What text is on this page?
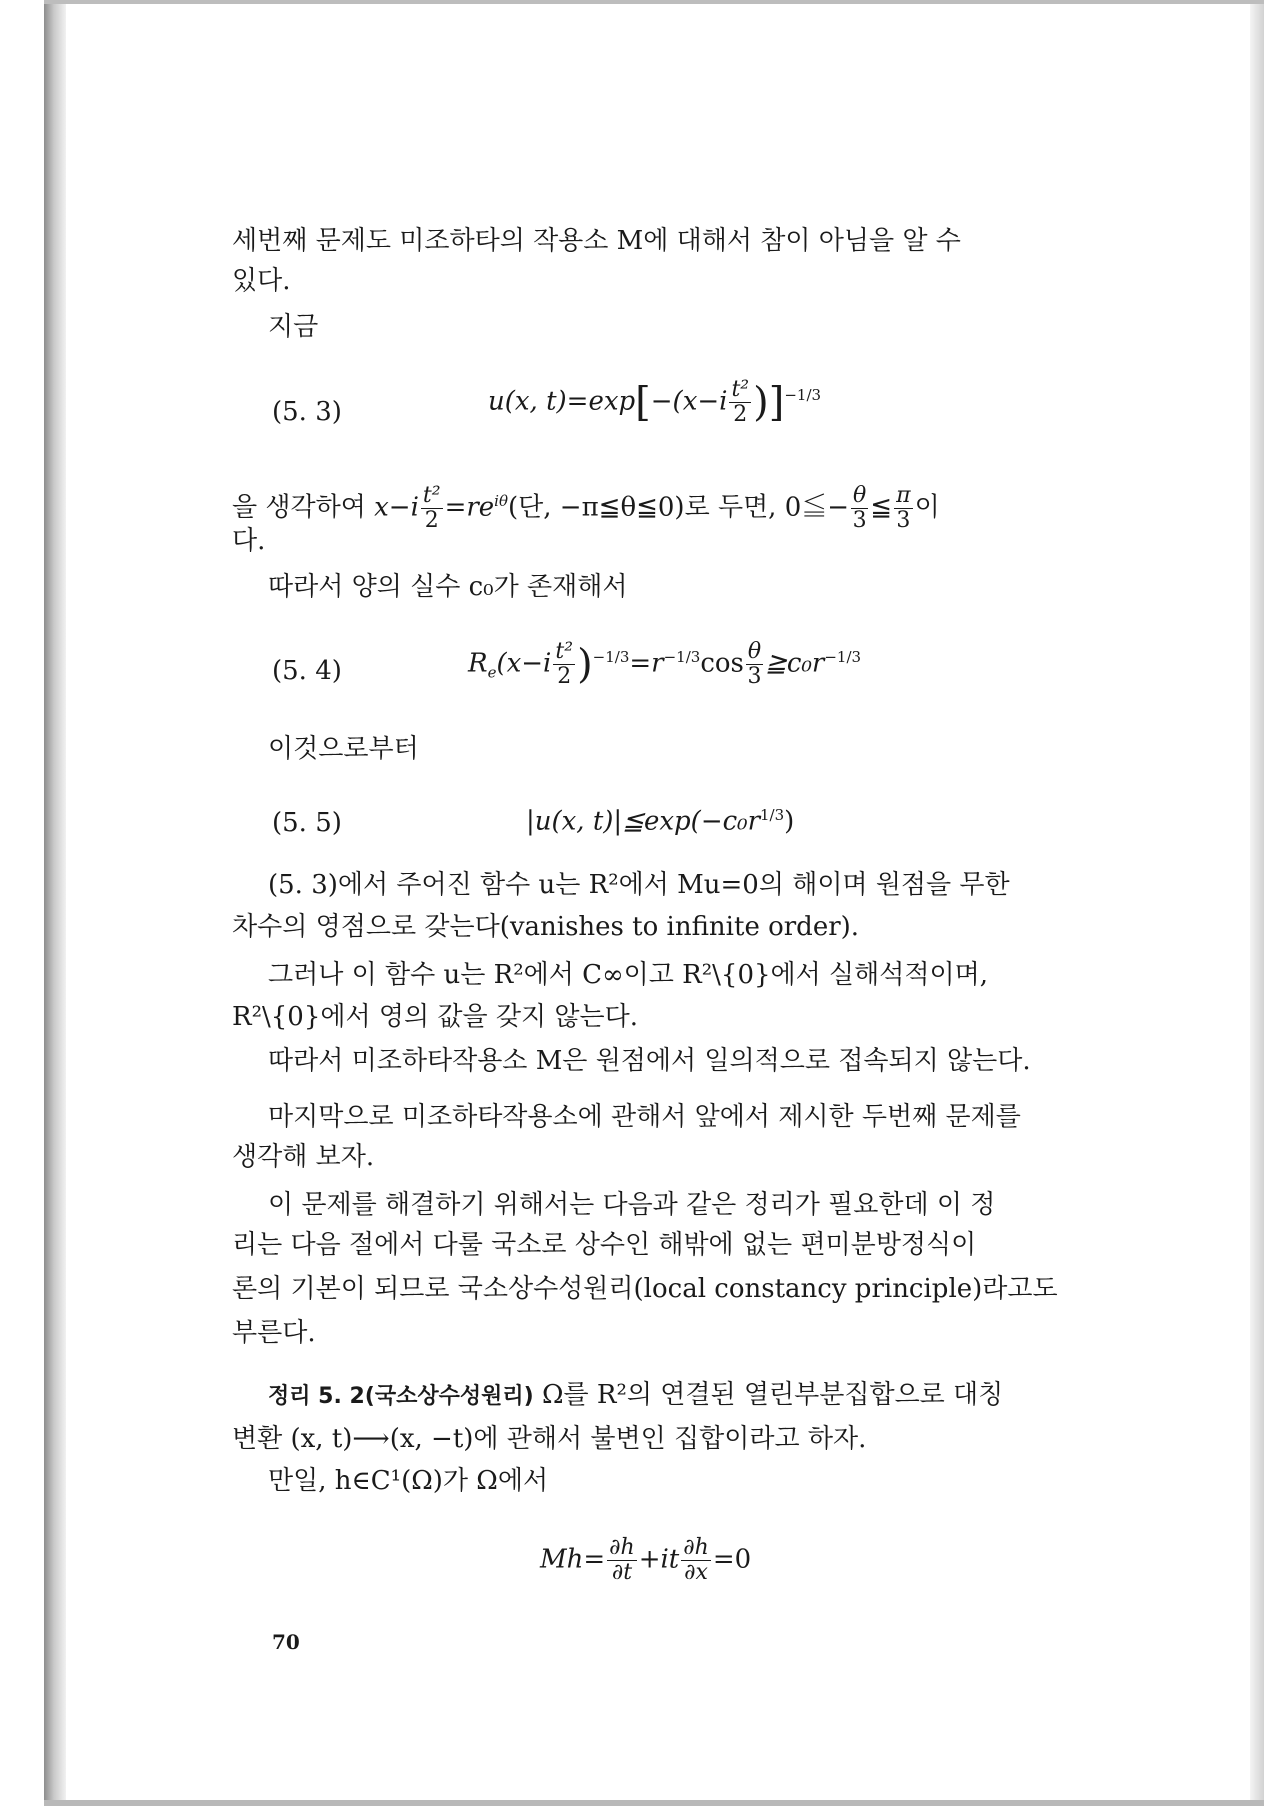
세번째 문제도 미조하타의 작용소 M에 대해서 참이 아님을 알 수
있다.
지금
(5. 3)	u(x, $t)=\exp[-(x-i \frac{\text{t²}}{2} )]^{-1/3}$
을 생각하여 $x-i \frac{\text{t²}}{2} =re^{i\theta}$(단, −π≦θ≦0)로 두면, 0≦− $\frac{\theta}{3}$ ≦ $\frac{\pi}{3}$ 이
다.
따라서 양의 실수 c₀가 존재해서
(5. 4)	$R_e(x-i \frac{\text{t²}}{2} )^{-1/3}=r^{-1/3}\cos \frac{\theta}{3}$ $≧c_0r^{-1/3}$
이것으로부터
(5. 5)	|u(x, $t)|≦\exp(-c_0r^{1/3})$
(5. 3)에서 주어진 함수 u는 R²에서 Mu=0의 해이며 원점을 무한
차수의 영점으로 갖는다(vanishes to infinite order).
그러나 이 함수 u는 R²에서 C∞이고 R²\{0}에서 실해석적이며,
R²\{0}에서 영의 값을 갖지 않는다.
따라서 미조하타작용소 M은 원점에서 일의적으로 접속되지 않는다.
마지막으로 미조하타작용소에 관해서 앞에서 제시한 두번째 문제를
생각해 보자.
이 문제를 해결하기 위해서는 다음과 같은 정리가 필요한데 이 정
리는 다음 절에서 다룰 국소로 상수인 해밖에 없는 편미분방정식이
론의 기본이 되므로 국소상수성원리(local constancy principle)라고도
부른다.
정리 5. 2(국소상수성원리) Ω를 R²의 연결된 열린부분집합으로 대칭
변환 (x, t)⟶(x, −t)에 관해서 불변인 집합이라고 하자.
만일, h∈C¹(Ω)가 Ω에서
$Mh= \frac{\partial h}{\partial t} +it \frac{\partial h}{\partial x} =0$
70
